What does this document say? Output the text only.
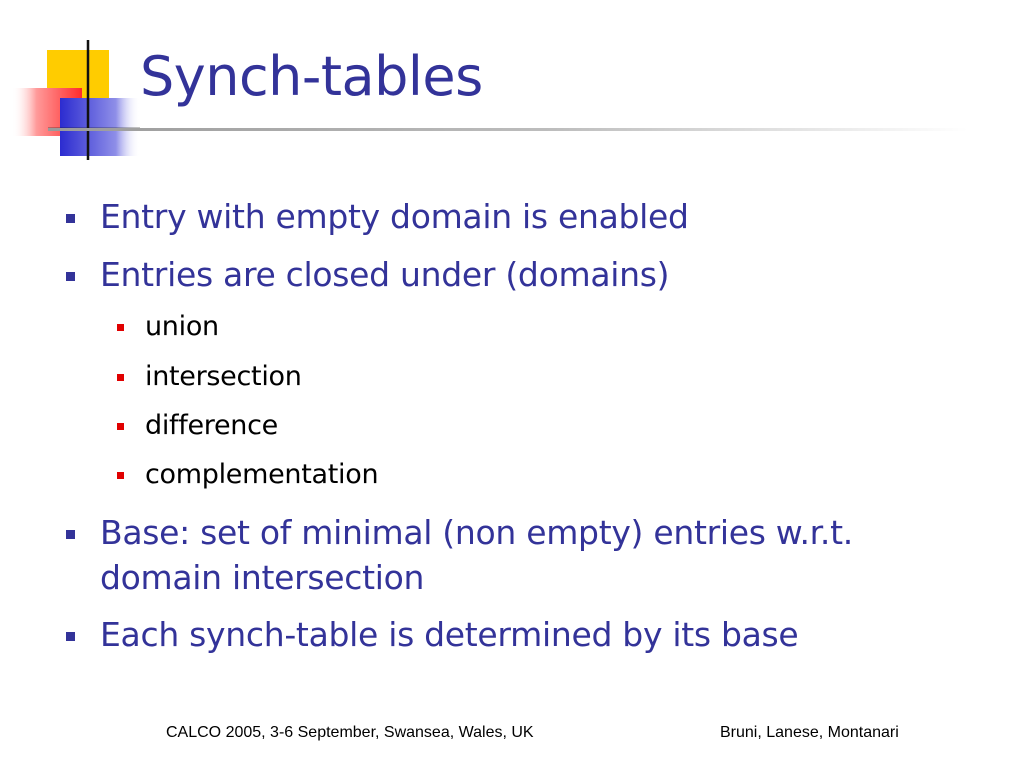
Synch-tables
Entry with empty domain is enabled
Entries are closed under (domains)
union
intersection
difference
complementation
Base: set of minimal (non empty) entries w.r.t.
domain intersection
Each synch-table is determined by its base
CALCO 2005, 3-6 September, Swansea, Wales, UK	Bruni, Lanese, Montanari
